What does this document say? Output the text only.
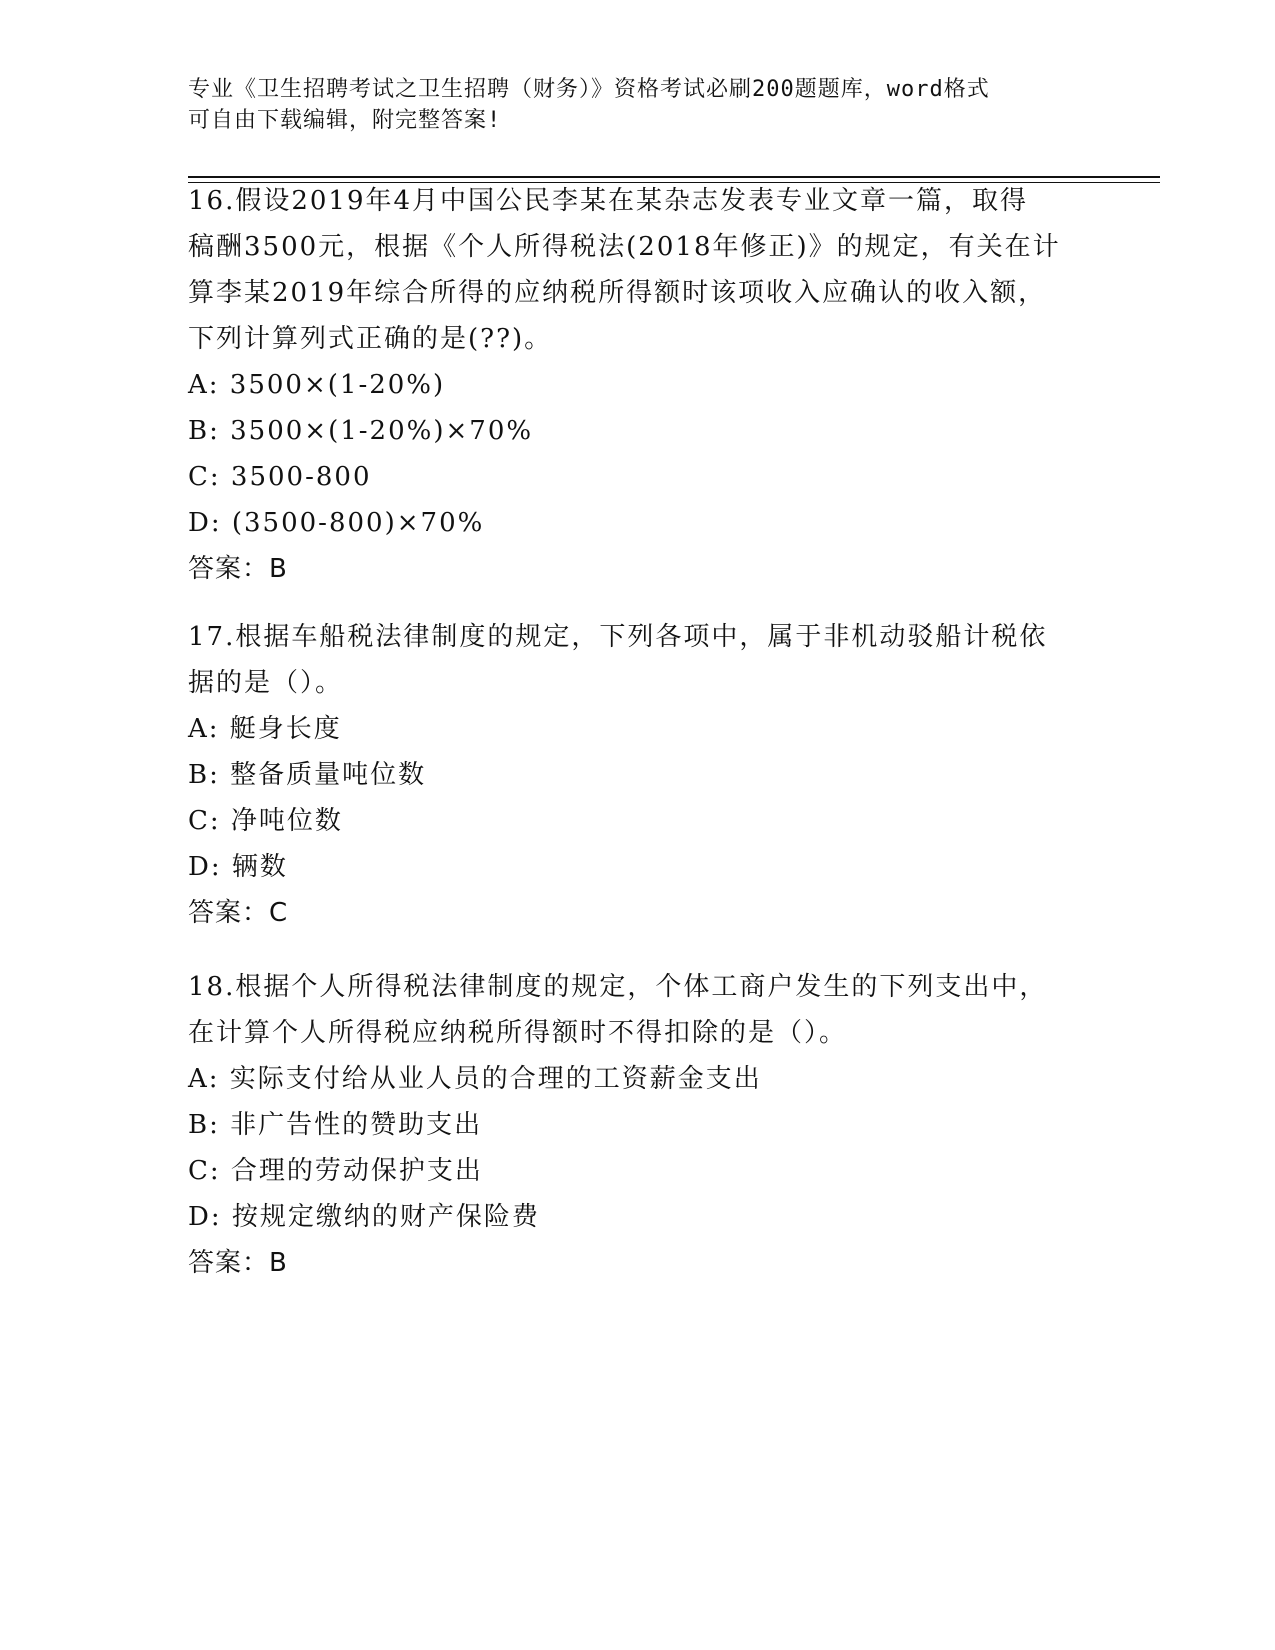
专业《卫生招聘考试之卫生招聘（财务）》资格考试必刷200题题库，word格式
可自由下载编辑，附完整答案!
16.假设2019年4月中国公民李某在某杂志发表专业文章一篇，取得
稿酬3500元，根据《个人所得税法(2018年修正)》的规定，有关在计
算李某2019年综合所得的应纳税所得额时该项收入应确认的收入额，
下列计算列式正确的是(??)。
A: 3500×(1-20%)
B: 3500×(1-20%)×70%
C: 3500-800
D: (3500-800)×70%
答案：B
17.根据车船税法律制度的规定，下列各项中，属于非机动驳船计税依
据的是（）。
A: 艇身长度
B: 整备质量吨位数
C: 净吨位数
D: 辆数
答案：C
18.根据个人所得税法律制度的规定，个体工商户发生的下列支出中，
在计算个人所得税应纳税所得额时不得扣除的是（）。
A: 实际支付给从业人员的合理的工资薪金支出
B: 非广告性的赞助支出
C: 合理的劳动保护支出
D: 按规定缴纳的财产保险费
答案：B
